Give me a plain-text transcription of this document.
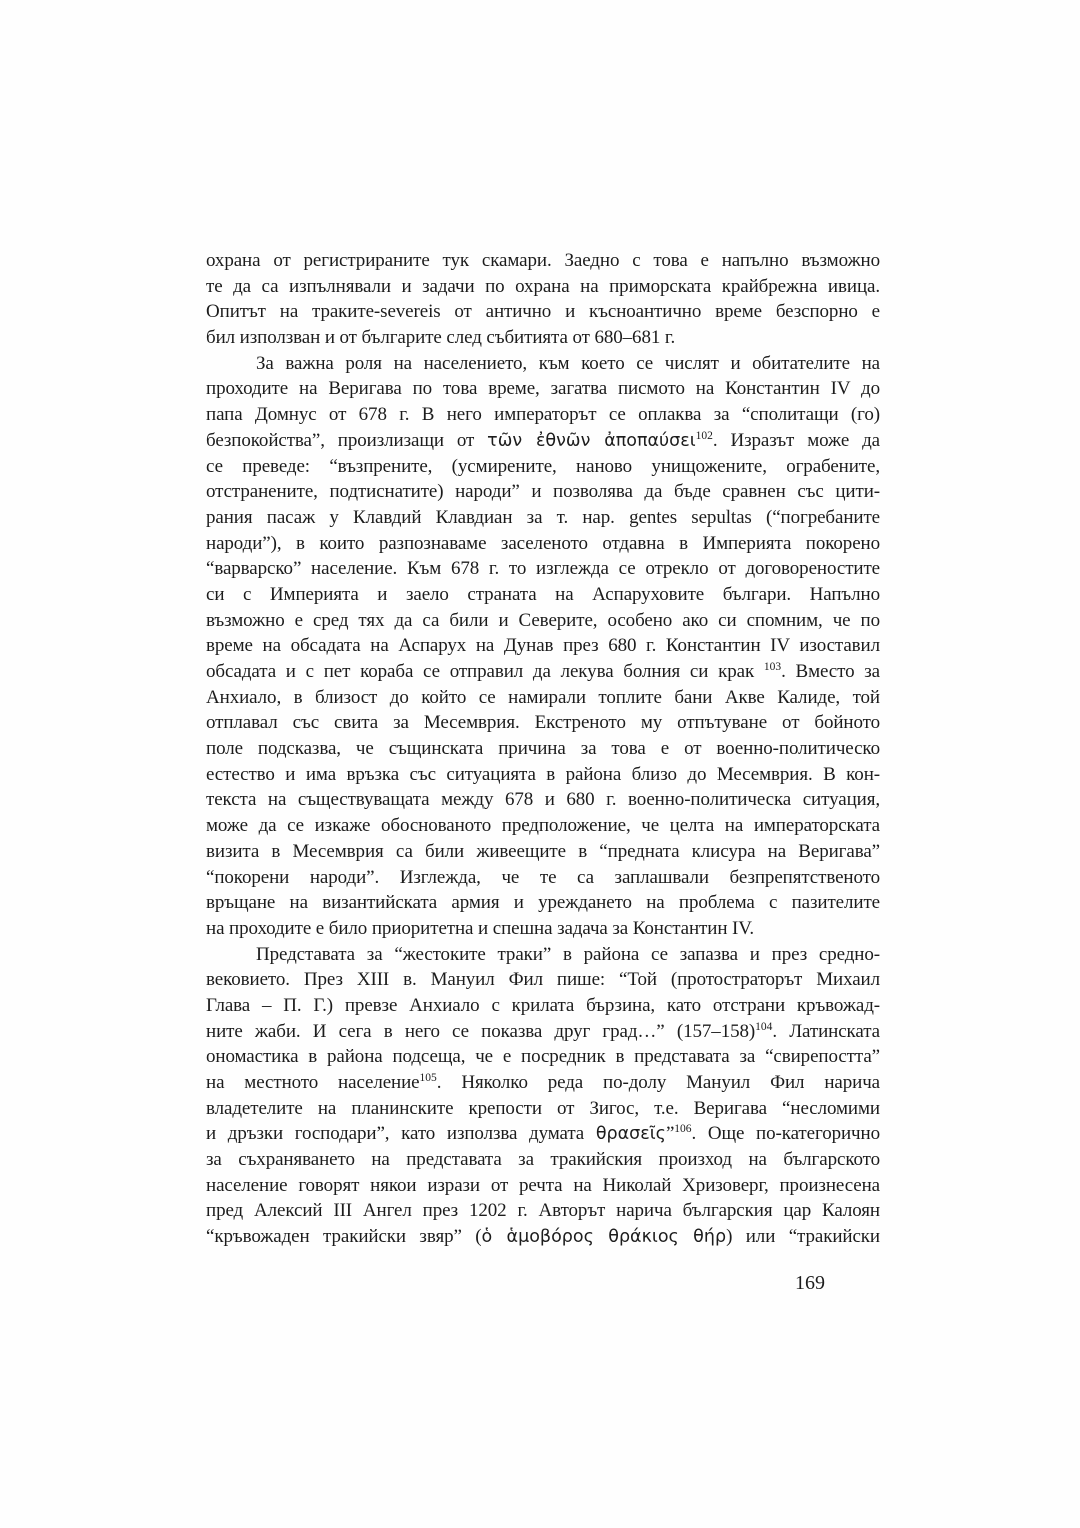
охрана от регистрираните тук скамари. Заедно с това е напълно възможно
те да са изпълнявали и задачи по охрана на приморската крайбрежна ивица.
Опитът на траките-severeis от антично и късноантично време безспорно е
бил използван и от българите след събитията от 680–681 г.
За важна роля на населението, към което се числят и обитателите на
проходите на Веригава по това време, загатва писмото на Константин IV до
папа Домнус от 678 г. В него императорът се оплаква за “сполитащи (го)
безпокойства”, произлизащи от τῶν ἐθνῶν ἀποπαύσει$^{102}$. Изразът може да
се преведе: “възпрените, (усмирените, наново унищожените, ограбените,
отстранените, подтиснатите) народи” и позволява да бъде сравнен със цити-
рания пасаж у Клавдий Клавдиан за т. нар. gentes sepultas (“погребаните
народи”), в които разпознаваме заселеното отдавна в Империята покорено
“варварско” население. Към 678 г. то изглежда се отрекло от договореностите
си с Империята и заело страната на Аспаруховите българи. Напълно
възможно е сред тях да са били и Северите, особено ако си спомним, че по
време на обсадата на Аспарух на Дунав през 680 г. Константин IV изоставил
обсадата и с пет кораба се отправил да лекува болния си крак $^{103}$. Вместо за
Анхиало, в близост до който се намирали топлите бани Акве Калиде, той
отплавал със свита за Месемврия. Екстреното му отпътуване от бойното
поле подсказва, че същинската причина за това е от военно-политическо
естество и има връзка със ситуацията в района близо до Месемврия. В кон-
текста на съществуващата между 678 и 680 г. военно-политическа ситуация,
може да се изкаже обоснованото предположение, че целта на императорската
визита в Месемврия са били живеещите в “предната клисура на Веригава”
“покорени народи”. Изглежда, че те са заплашвали безпрепятственото
връщане на византийската армия и уреждането на проблема с пазителите
на проходите е било приоритетна и спешна задача за Константин IV.
Представата за “жестоките траки” в района се запазва и през средно-
вековието. През XIII в. Мануил Фил пише: “Той (протостраторът Михаил
Глава – П. Г.) превзе Анхиало с крилата бързина, като отстрани кръвожад-
ните жаби. И сега в него се показва друг град…” $(157-158)^{104}$. Латинската
ономастика в района подсеща, че е посредник в представата за “свирепостта”
на местното население$^{105}$. Няколко реда по-долу Мануил Фил нарича
владетелите на планинските крепости от Зигос, т.е. Веригава “несломими
и дръзки господари”, като използва думата θρασεῖς”$^{106}$. Още по-категорично
за съхраняването на представата за тракийския произход на българското
население говорят някои изрази от речта на Николай Хризоверг, произнесена
пред Алексий III Ангел през 1202 г. Авторът нарича българския цар Калоян
“кръвожаден тракийски звяр” (ὁ ἁμοβόρος θράκιος θήρ) или “тракийски
169
